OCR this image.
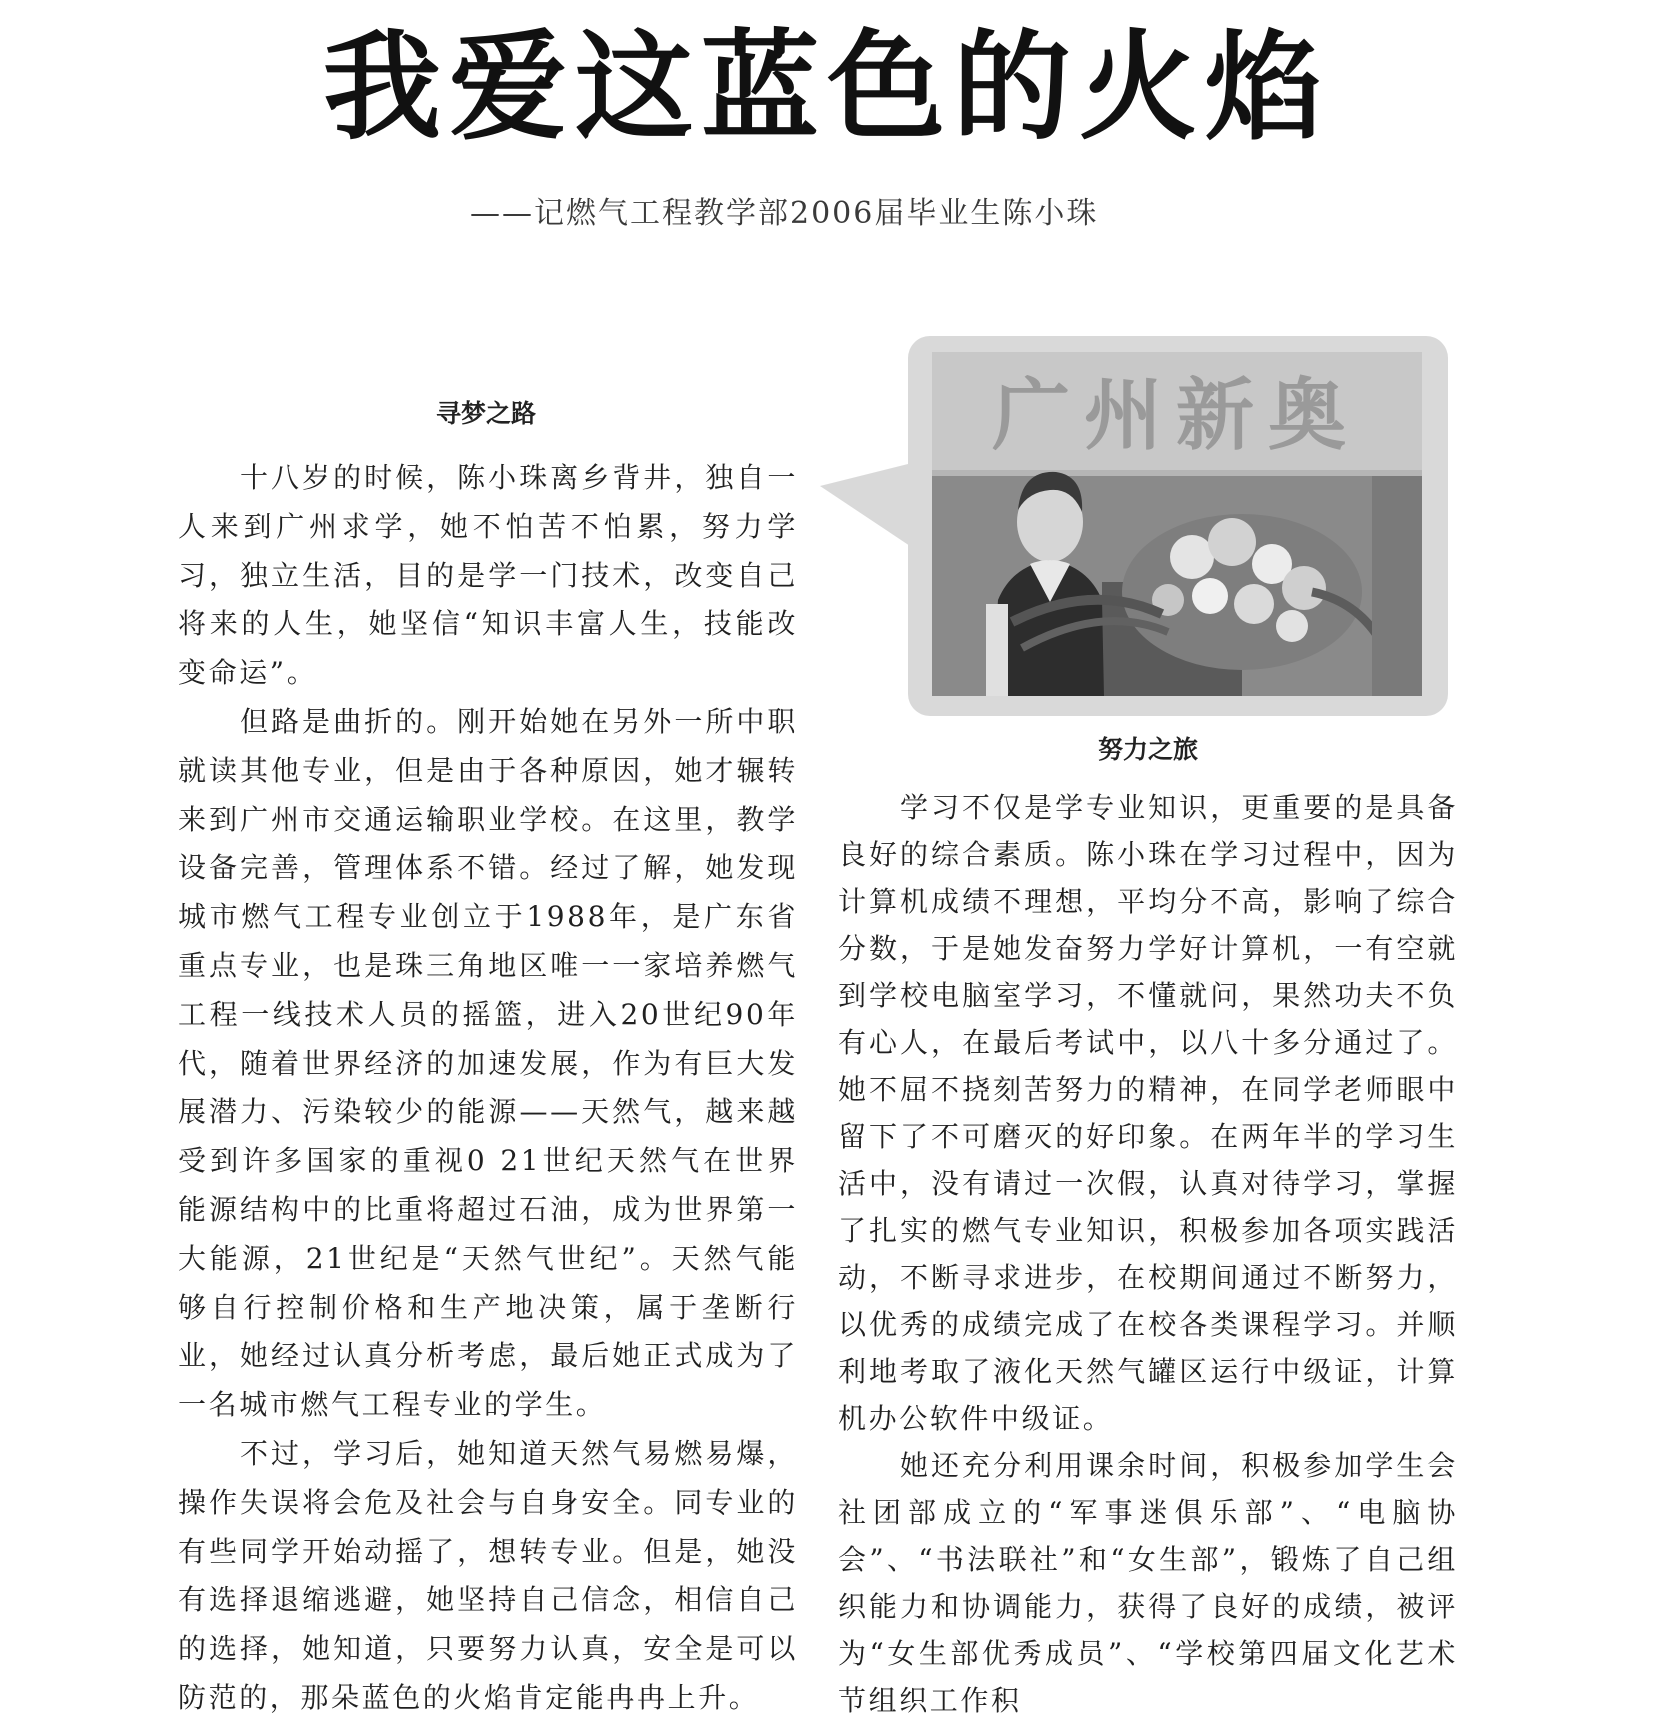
我爱这蓝色的火焰

——记燃气工程教学部2006届毕业生陈小珠

寻梦之路

十八岁的时候，陈小珠离乡背井，独自一人来到广州求学，她不怕苦不怕累，努力学习，独立生活，目的是学一门技术，改变自己将来的人生，她坚信“知识丰富人生，技能改变命运”。

但路是曲折的。刚开始她在另外一所中职就读其他专业，但是由于各种原因，她才辗转来到广州市交通运输职业学校。在这里，教学设备完善，管理体系不错。经过了解，她发现城市燃气工程专业创立于1988年，是广东省重点专业，也是珠三角地区唯一一家培养燃气工程一线技术人员的摇篮，进入20世纪90年代，随着世界经济的加速发展，作为有巨大发展潜力、污染较少的能源——天然气，越来越受到许多国家的重视0 21世纪天然气在世界能源结构中的比重将超过石油，成为世界第一大能源，21世纪是“天然气世纪”。天然气能够自行控制价格和生产地决策，属于垄断行业，她经过认真分析考虑，最后她正式成为了一名城市燃气工程专业的学生。

不过，学习后，她知道天然气易燃易爆，操作失误将会危及社会与自身安全。同专业的有些同学开始动摇了，想转专业。但是，她没有选择退缩逃避，她坚持自己信念，相信自己的选择，她知道，只要努力认真，安全是可以防范的，那朵蓝色的火焰肯定能冉冉上升。

广州新奥
努力之旅

学习不仅是学专业知识，更重要的是具备良好的综合素质。陈小珠在学习过程中，因为计算机成绩不理想，平均分不高，影响了综合分数，于是她发奋努力学好计算机，一有空就到学校电脑室学习，不懂就问，果然功夫不负有心人，在最后考试中，以八十多分通过了。她不屈不挠刻苦努力的精神，在同学老师眼中留下了不可磨灭的好印象。在两年半的学习生活中，没有请过一次假，认真对待学习，掌握了扎实的燃气专业知识，积极参加各项实践活动，不断寻求进步，在校期间通过不断努力，以优秀的成绩完成了在校各类课程学习。并顺利地考取了液化天然气罐区运行中级证，计算机办公软件中级证。

她还充分利用课余时间，积极参加学生会社团部成立的“军事迷俱乐部”、“电脑协会”、“书法联社”和“女生部”，锻炼了自己组织能力和协调能力，获得了良好的成绩，被评为“女生部优秀成员”、“学校第四届文化艺术节组织工作积
